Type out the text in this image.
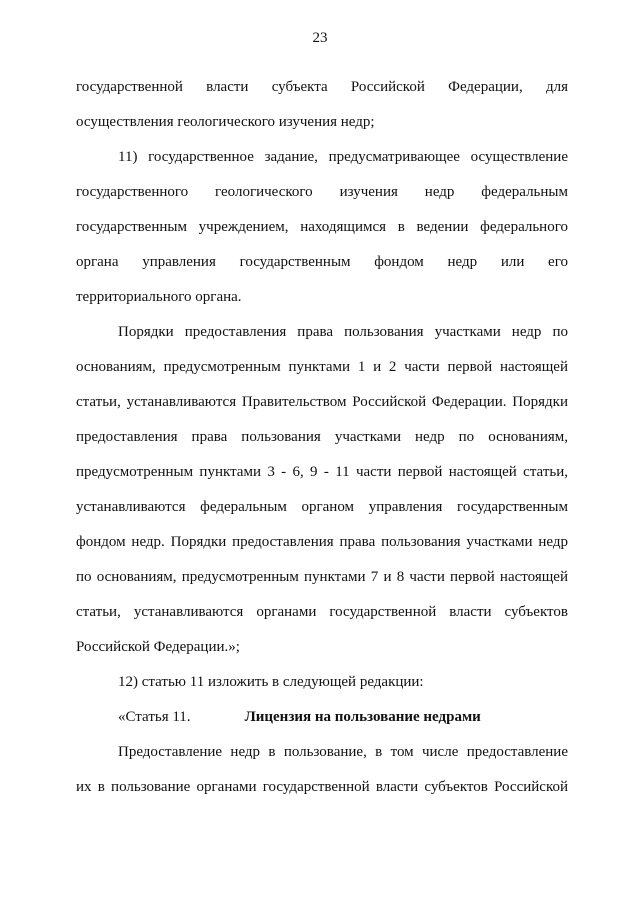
23
государственной власти субъекта Российской Федерации, для
осуществления геологического изучения недр;
11) государственное задание, предусматривающее осуществление
государственного геологического изучения недр федеральным
государственным учреждением, находящимся в ведении федерального
органа управления государственным фондом недр или его
территориального органа.
Порядки предоставления права пользования участками недр по
основаниям, предусмотренным пунктами 1 и 2 части первой настоящей
статьи, устанавливаются Правительством Российской Федерации. Порядки
предоставления права пользования участками недр по основаниям,
предусмотренным пунктами 3 - 6, 9 - 11 части первой настоящей статьи,
устанавливаются федеральным органом управления государственным
фондом недр. Порядки предоставления права пользования участками недр
по основаниям, предусмотренным пунктами 7 и 8 части первой настоящей
статьи, устанавливаются органами государственной власти субъектов
Российской Федерации.»;
12) статью 11 изложить в следующей редакции:
«Статья 11.	Лицензия на пользование недрами
Предоставление недр в пользование, в том числе предоставление
их в пользование органами государственной власти субъектов Российской
